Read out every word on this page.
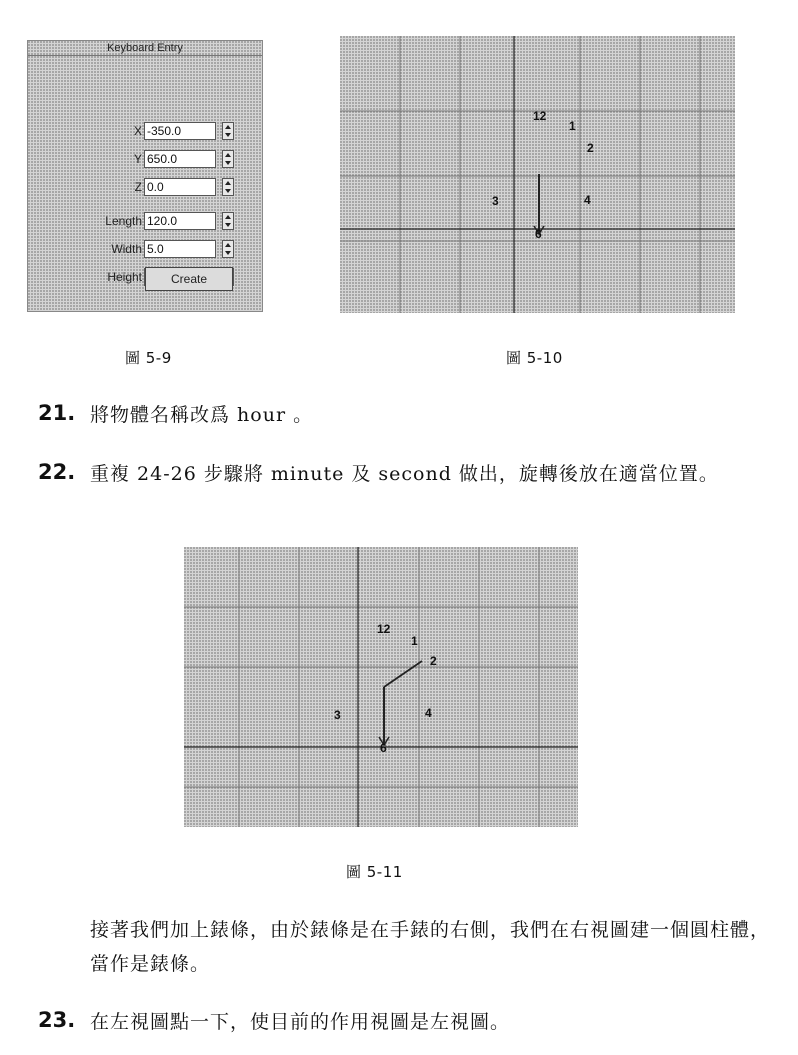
Keyboard Entry
X -350.0
Y 650.0
Z 0.0
Length 120.0
Width 5.0
Height	Create
圖 5-9
12
1
2
3	4
6
圖 5-10
21. 將物體名稱改爲 hour 。
22. 重複 24-26 步驟將 minute 及 second 做出，旋轉後放在適當位置。
12
1
2
3	4
6
圖 5-11
接著我們加上錶條，由於錶條是在手錶的右側，我們在右視圖建一個圓柱體，當作是錶條。
23. 在左視圖點一下，使目前的作用視圖是左視圖。
